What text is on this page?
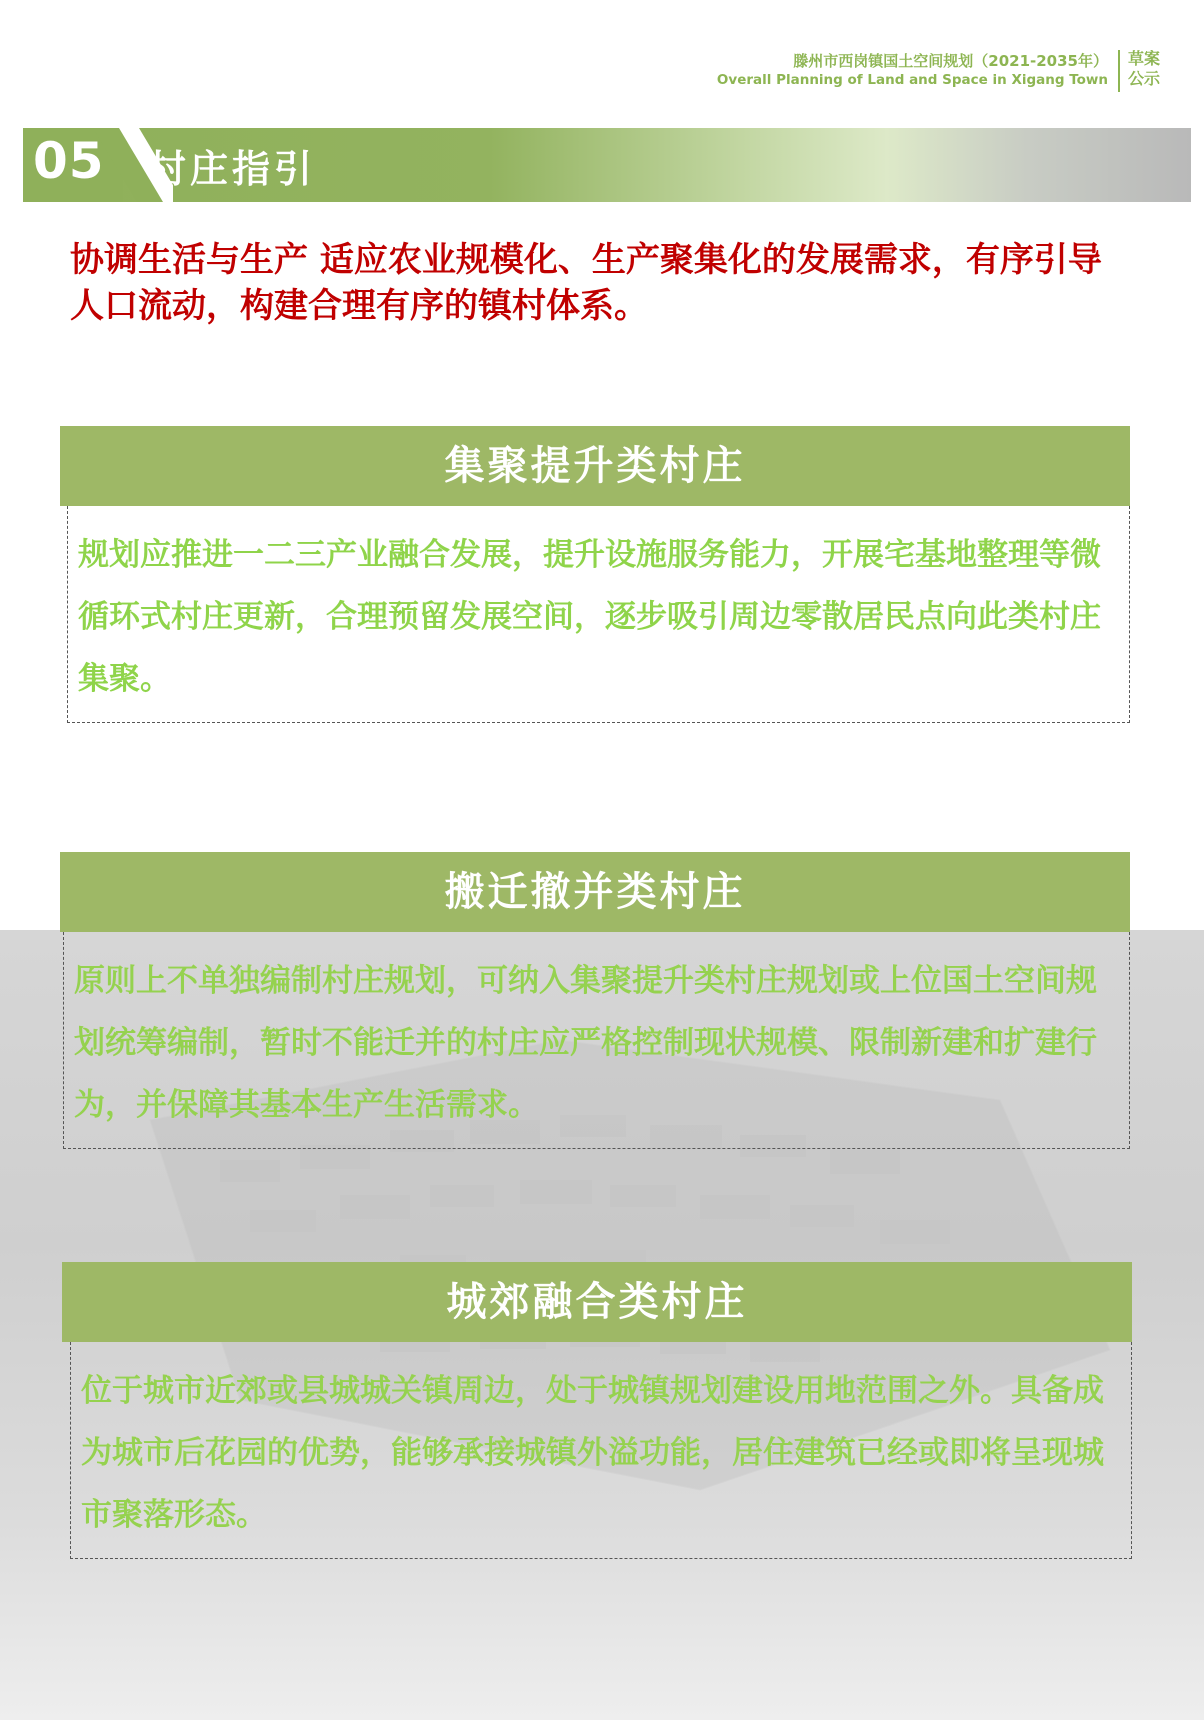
滕州市西岗镇国土空间规划（2021-2035年）
Overall Planning of Land and Space in Xigang Town
草案
公示
05 村庄指引
协调生活与生产 适应农业规模化、生产聚集化的发展需求，有序引导人口流动，构建合理有序的镇村体系。
集聚提升类村庄
规划应推进一二三产业融合发展，提升设施服务能力，开展宅基地整理等微循环式村庄更新，合理预留发展空间，逐步吸引周边零散居民点向此类村庄集聚。
搬迁撤并类村庄
原则上不单独编制村庄规划，可纳入集聚提升类村庄规划或上位国土空间规划统筹编制，暂时不能迁并的村庄应严格控制现状规模、限制新建和扩建行为，并保障其基本生产生活需求。
城郊融合类村庄
位于城市近郊或县城城关镇周边，处于城镇规划建设用地范围之外。具备成为城市后花园的优势，能够承接城镇外溢功能，居住建筑已经或即将呈现城市聚落形态。
